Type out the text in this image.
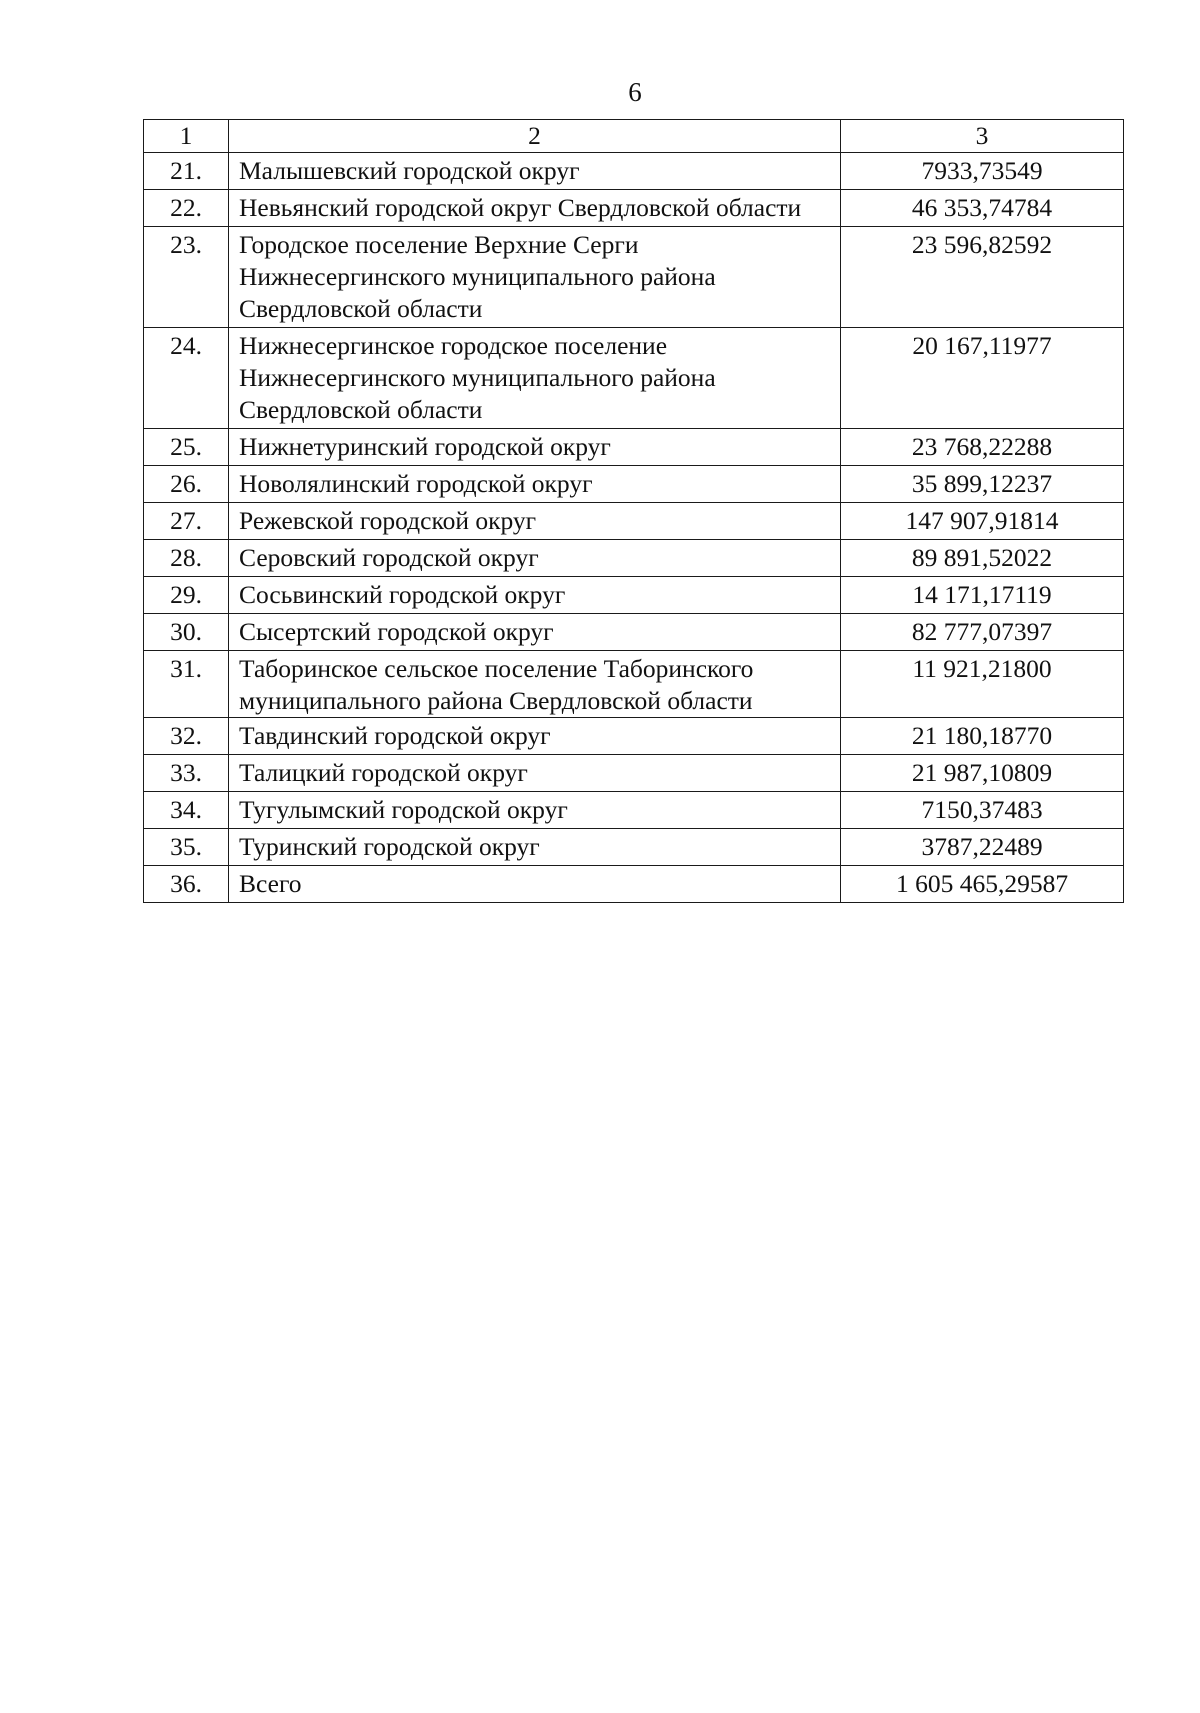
6
1	2	3
21.	Малышевский городской округ	7933,73549
22.	Невьянский городской округ Свердловской области	46 353,74784
23.	Городское поселение Верхние Серги Нижнесергинского муниципального района Свердловской области	23 596,82592
24.	Нижнесергинское городское поселение Нижнесергинского муниципального района Свердловской области	20 167,11977
25.	Нижнетуринский городской округ	23 768,22288
26.	Новолялинский городской округ	35 899,12237
27.	Режевской городской округ	147 907,91814
28.	Серовский городской округ	89 891,52022
29.	Сосьвинский городской округ	14 171,17119
30.	Сысертский городской округ	82 777,07397
31.	Таборинское сельское поселение Таборинского муниципального района Свердловской области	11 921,21800
32.	Тавдинский городской округ	21 180,18770
33.	Талицкий городской округ	21 987,10809
34.	Тугулымский городской округ	7150,37483
35.	Туринский городской округ	3787,22489
36.	Всего	1 605 465,29587
